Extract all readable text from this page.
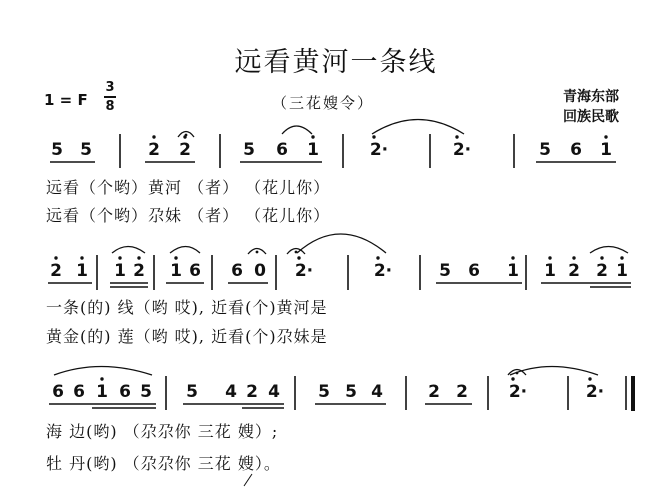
远看黄河一条线
（三花嫂令）
1 = F
3
8
青海东部
回族民歌
5 5	2 2	5 6 1	2·	2·	5 6 1
远看（个哟）黄河 （者） （花儿你）
远看（个哟）尕妹 （者） （花儿你）
2 1 1 2 1 6 6 0 2·	2·	5 6 1 1 2 2 1
一条(的) 线（哟 哎), 近看(个)黄河是
黄金(的) 莲（哟 哎), 近看(个)尕妹是
6 6 1 6 5 5 4 2 4 5 5 4	2 2 2·	2·
海 边(哟) （尕尕你 三花 嫂）;
牡 丹(哟) （尕尕你 三花 嫂）。
